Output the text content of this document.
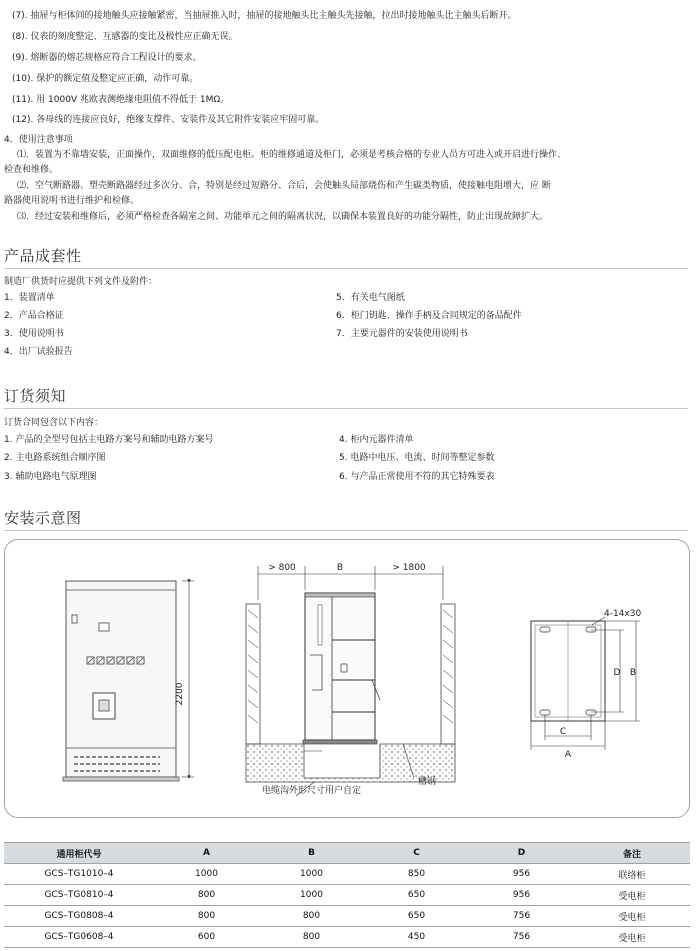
(7). 抽屉与柜体间的接地触头应接触紧密，当抽屉推入时，抽屉的接地触头比主触头先接触，拉出时接地触头比主触头后断开。
(8). 仪表的刻度整定、互感器的变比及极性应正确无误。
(9). 熔断器的熔芯规格应符合工程设计的要求。
(10). 保护的额定值及整定应正确，动作可靠。
(11). 用 1000V 兆欧表测绝缘电阻值不得低于 1MΩ。
(12). 各母线的连接应良好，绝缘支撑件、安装件及其它附件安装应牢固可靠。
4．使用注意事项
⑴．装置为不靠墙安装，正面操作，双面维修的低压配电柜。柜的维修通道及柜门，必须是考核合格的专业人员方可进入或开启进行操作、
检查和维修。
⑵．空气断路器、塑壳断路器经过多次分、合，特别是经过短路分、合后，会使触头局部烧伤和产生碳类物质，使接触电阻增大，应 断
路器使用说明书进行维护和检修。
⑶．经过安装和维修后，必须严格检查各隔室之间、功能单元之间的隔离状况，以确保本装置良好的功能分隔性，防止出现故障扩大。
产品成套性
制造厂供货时应提供下列文件及附件：
1．装置清单
2．产品合格证
3．使用说明书
4．出厂试验报告
5．有关电气图纸
6．柜门钥匙、操作手柄及合同规定的备品配件
7．主要元器件的安装使用说明书
订货须知
订货合同包含以下内容：
1. 产品的全型号包括主电路方案号和辅助电路方案号
2. 主电路系统组合顺序图
3. 辅助电路电气原理图
4. 柜内元器件清单
5. 电路中电压、电流、时间等整定参数
6. 与产品正常使用不符的其它特殊要表
安装示意图
2200
> 800	B	> 1800
槽钢
电缆沟外形尺寸用户自定
4-14x30
C
A
D B
通用柜代号	A	B	C	D	备注
GCS–TG1010–4	1000	1000	850	956	联络柜
GCS–TG0810–4	800	1000	650	956	受电柜
GCS–TG0808–4	800	800	650	756	受电柜
GCS–TG0608–4	600	800	450	756	受电柜
